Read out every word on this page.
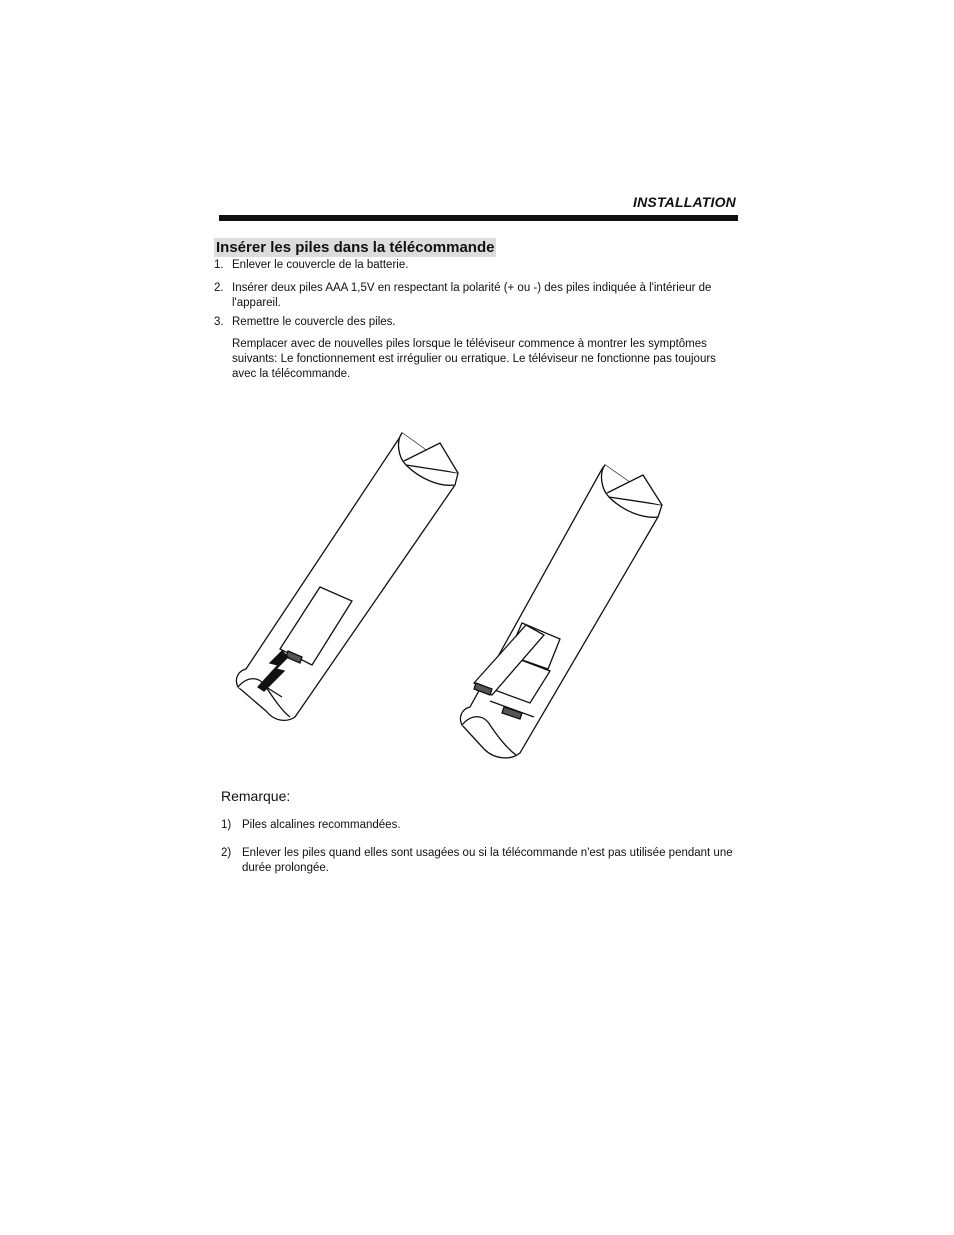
INSTALLATION
Insérer les piles dans la télécommande
1. Enlever le couvercle de la batterie.
2. Insérer deux piles AAA 1,5V en respectant la polarité (+ ou -) des piles indiquée à l'intérieur de l'appareil.
3. Remettre le couvercle des piles.
Remplacer avec de nouvelles piles lorsque le téléviseur commence à montrer les symptômes suivants: Le fonctionnement est irrégulier ou erratique. Le téléviseur ne fonctionne pas toujours avec la télécommande.
Remarque:
1) Piles alcalines recommandées.
2) Enlever les piles quand elles sont usagées ou si la télécommande n'est pas utilisée pendant une durée prolongée.
